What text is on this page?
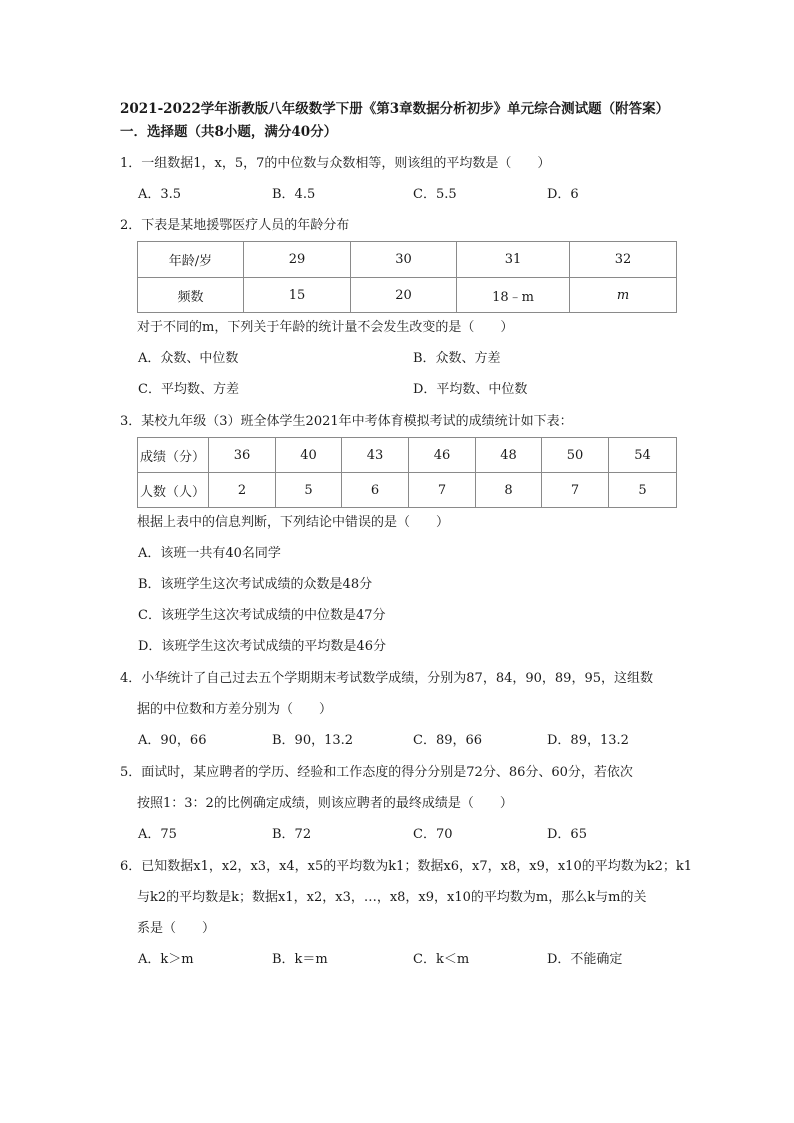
2021-2022学年浙教版八年级数学下册《第3章数据分析初步》单元综合测试题（附答案）
一．选择题（共8小题，满分40分）
1．一组数据1，x，5，7的中位数与众数相等，则该组的平均数是（　　）
A．3.5	B．4.5	C．5.5	D．6
2．下表是某地援鄂医疗人员的年龄分布
年龄/岁	29	30	31	32
频数	15	20	18﹣m	m
对于不同的m，下列关于年龄的统计量不会发生改变的是（　　）
A．众数、中位数	B．众数、方差
C．平均数、方差	D．平均数、中位数
3．某校九年级（3）班全体学生2021年中考体育模拟考试的成绩统计如下表：
成绩（分）	36	40	43	46	48	50	54
人数（人）	2	5	6	7	8	7	5
根据上表中的信息判断，下列结论中错误的是（　　）
A．该班一共有40名同学
B．该班学生这次考试成绩的众数是48分
C．该班学生这次考试成绩的中位数是47分
D．该班学生这次考试成绩的平均数是46分
4．小华统计了自己过去五个学期期末考试数学成绩，分别为87，84，90，89，95，这组数
据的中位数和方差分别为（　　）
A．90，66	B．90，13.2	C．89，66	D．89，13.2
5．面试时，某应聘者的学历、经验和工作态度的得分分别是72分、86分、60分，若依次
按照1：3：2的比例确定成绩，则该应聘者的最终成绩是（　　）
A．75	B．72	C．70	D．65
6．已知数据x1，x2，x3，x4，x5的平均数为k1；数据x6，x7，x8，x9，x10的平均数为k2；k1
与k2的平均数是k；数据x1，x2，x3，…，x8，x9，x10的平均数为m，那么k与m的关
系是（　　）
A．k＞m	B．k＝m	C．k＜m	D．不能确定
